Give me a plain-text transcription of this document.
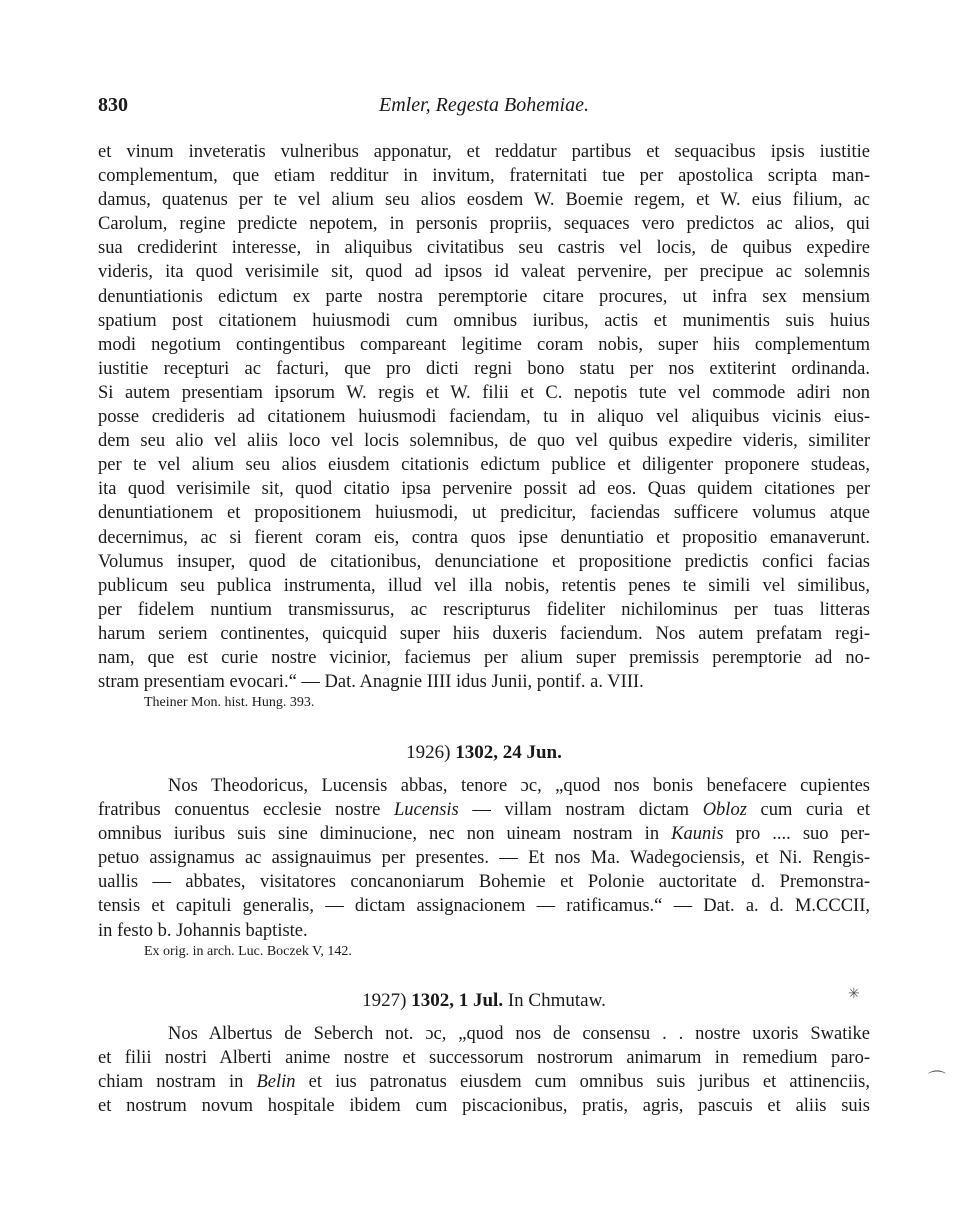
830	Emler, Regesta Bohemiae.
et vinum inveteratis vulneribus apponatur, et reddatur partibus et sequacibus ipsis iustitie
complementum, que etiam redditur in invitum, fraternitati tue per apostolica scripta man-
damus, quatenus per te vel alium seu alios eosdem W. Boemie regem, et W. eius filium, ac
Carolum, regine predicte nepotem, in personis propriis, sequaces vero predictos ac alios, qui
sua crediderint interesse, in aliquibus civitatibus seu castris vel locis, de quibus expedire
videris, ita quod verisimile sit, quod ad ipsos id valeat pervenire, per precipue ac solemnis
denuntiationis edictum ex parte nostra peremptorie citare procures, ut infra sex mensium
spatium post citationem huiusmodi cum omnibus iuribus, actis et munimentis suis huius
modi negotium contingentibus compareant legitime coram nobis, super hiis complementum
iustitie recepturi ac facturi, que pro dicti regni bono statu per nos extiterint ordinanda.
Si autem presentiam ipsorum W. regis et W. filii et C. nepotis tute vel commode adiri non
posse credideris ad citationem huiusmodi faciendam, tu in aliquo vel aliquibus vicinis eius-
dem seu alio vel aliis loco vel locis solemnibus, de quo vel quibus expedire videris, similiter
per te vel alium seu alios eiusdem citationis edictum publice et diligenter proponere studeas,
ita quod verisimile sit, quod citatio ipsa pervenire possit ad eos. Quas quidem citationes per
denuntiationem et propositionem huiusmodi, ut predicitur, faciendas sufficere volumus atque
decernimus, ac si fierent coram eis, contra quos ipse denuntiatio et propositio emanaverunt.
Volumus insuper, quod de citationibus, denunciatione et propositione predictis confici facias
publicum seu publica instrumenta, illud vel illa nobis, retentis penes te simili vel similibus,
per fidelem nuntium transmissurus, ac rescripturus fideliter nichilominus per tuas litteras
harum seriem continentes, quicquid super hiis duxeris faciendum. Nos autem prefatam regi-
nam, que est curie nostre vicinior, faciemus per alium super premissis peremptorie ad no-
stram presentiam evocari.“ — Dat. Anagnie IIII idus Junii, pontif. a. VIII.
Theiner Mon. hist. Hung. 393.
1926) 1302, 24 Jun.
Nos Theodoricus, Lucensis abbas, tenore ɔc, „quod nos bonis benefacere cupientes
fratribus conuentus ecclesie nostre Lucensis — villam nostram dictam Obloz cum curia et
omnibus iuribus suis sine diminucione, nec non uineam nostram in Kaunis pro .... suo per-
petuo assignamus ac assignauimus per presentes. — Et nos Ma. Wadegociensis, et Ni. Rengis-
uallis — abbates, visitatores concanoniarum Bohemie et Polonie auctoritate d. Premonstra-
tensis et capituli generalis, — dictam assignacionem — ratificamus.“ — Dat. a. d. M.CCCII,
in festo b. Johannis baptiste.
Ex orig. in arch. Luc. Boczek V, 142.
1927) 1302, 1 Jul. In Chmutaw.
Nos Albertus de Seberch not. ɔc, „quod nos de consensu . . nostre uxoris Swatike
et filii nostri Alberti anime nostre et successorum nostrorum animarum in remedium paro-
chiam nostram in Belin et ius patronatus eiusdem cum omnibus suis juribus et attinenciis,
et nostrum novum hospitale ibidem cum piscacionibus, pratis, agris, pascuis et aliis suis
✳
⌒
